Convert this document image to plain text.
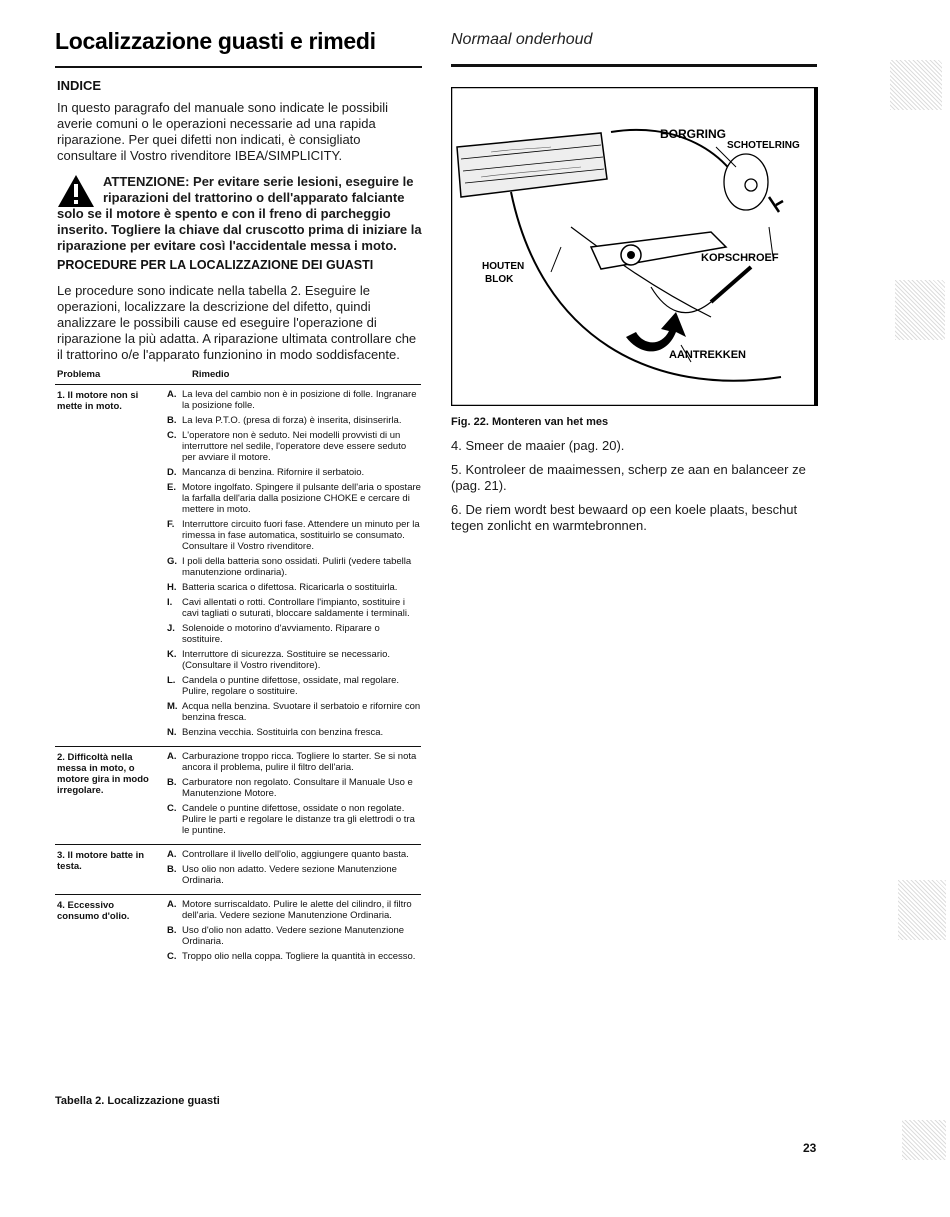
Localizzazione guasti e rimedi
INDICE
In questo paragrafo del manuale sono indicate le possibili averie comuni o le operazioni necessarie ad una rapida riparazione. Per quei difetti non indicati, è consigliato consultare il Vostro rivenditore IBEA/SIMPLICITY.
ATTENZIONE: Per evitare serie lesioni, eseguire le riparazioni del trattorino o dell'apparato falciante
solo se il motore è spento e con il freno di parcheggio inserito. Togliere la chiave dal cruscotto prima di iniziare la riparazione per evitare così l'accidentale messa i moto.
PROCEDURE PER LA LOCALIZZAZIONE DEI GUASTI
Le procedure sono indicate nella tabella 2. Eseguire le operazioni, localizzare la descrizione del difetto, quindi analizzare le possibili cause ed eseguire l'operazione di riparazione la più adatta. A riparazione ultimata controllare che il trattorino o/e l'apparato funzionino in modo soddisfacente.
Problema	Rimedio
1. Il motore non si mette in moto.
A. La leva del cambio non è in posizione di folle. Ingranare la posizione folle.
B. La leva P.T.O. (presa di forza) è inserita, disinserirla.
C. L'operatore non è seduto. Nei modelli provvisti di un interruttore nel sedile, l'operatore deve essere seduto per avviare il motore.
D. Mancanza di benzina. Rifornire il serbatoio.
E. Motore ingolfato. Spingere il pulsante dell'aria o spostare la farfalla dell'aria dalla posizione CHOKE e cercare di mettere in moto.
F. Interruttore circuito fuori fase. Attendere un minuto per la rimessa in fase automatica, sostituirlo se consumato. Consultare il Vostro rivenditore.
G. I poli della batteria sono ossidati. Pulirli (vedere tabella manutenzione ordinaria).
H. Batteria scarica o difettosa. Ricaricarla o sostituirla.
I. Cavi allentati o rotti. Controllare l'impianto, sostituire i cavi tagliati o suturati, bloccare saldamente i terminali.
J. Solenoide o motorino d'avviamento. Riparare o sostituire.
K. Interruttore di sicurezza. Sostituire se necessario. (Consultare il Vostro rivenditore).
L. Candela o puntine difettose, ossidate, mal regolare. Pulire, regolare o sostituire.
M. Acqua nella benzina. Svuotare il serbatoio e rifornire con benzina fresca.
N. Benzina vecchia. Sostituirla con benzina fresca.
2. Difficoltà nella messa in moto, o motore gira in modo irregolare.
A. Carburazione troppo ricca. Togliere lo starter. Se si nota ancora il problema, pulire il filtro dell'aria.
B. Carburatore non regolato. Consultare il Manuale Uso e Manutenzione Motore.
C. Candele o puntine difettose, ossidate o non regolate. Pulire le parti e regolare le distanze tra gli elettrodi o tra le puntine.
3. Il motore batte in testa.
A. Controllare il livello dell'olio, aggiungere quanto basta.
B. Uso olio non adatto. Vedere sezione Manutenzione Ordinaria.
4. Eccessivo consumo d'olio.
A. Motore surriscaldato. Pulire le alette del cilindro, il filtro dell'aria. Vedere sezione Manutenzione Ordinaria.
B. Uso d'olio non adatto. Vedere sezione Manutenzione Ordinaria.
C. Troppo olio nella coppa. Togliere la quantità in eccesso.
Tabella 2. Localizzazione guasti
Normaal onderhoud
BORGRING
SCHOTELRING
HOUTEN
BLOK
KOPSCHROEF
AANTREKKEN
Fig. 22. Monteren van het mes
4. Smeer de maaier (pag. 20).
5. Kontroleer de maaimessen, scherp ze aan en balanceer ze (pag. 21).
6. De riem wordt best bewaard op een koele plaats, beschut tegen zonlicht en warmtebronnen.
23
